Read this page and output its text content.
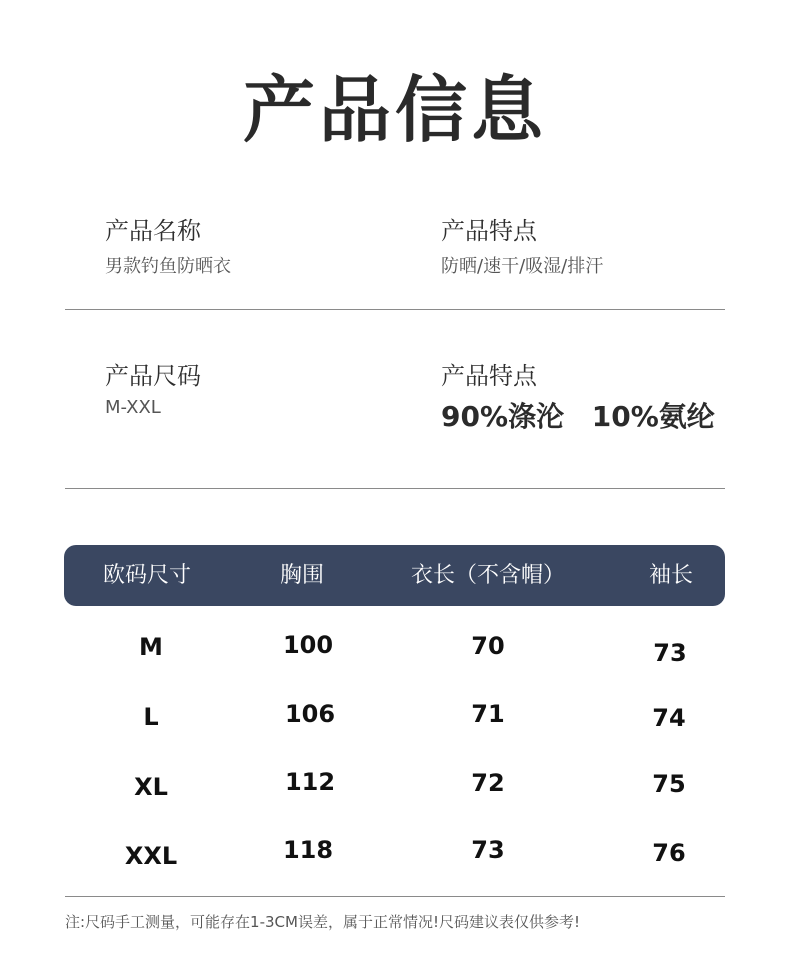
产品信息
产品名称
男款钓鱼防晒衣
产品特点
防晒/速干/吸湿/排汗
产品尺码
M-XXL
产品特点
90%涤沦 10%氨纶
欧码尺寸	胸围	衣长（不含帽）	袖长
M	100	70	73
L	106	71	74
XL	112	72	75
XXL	118	73	76
注:尺码手工测量，可能存在1-3CM误差，属于正常情况!尺码建议表仅供参考!
